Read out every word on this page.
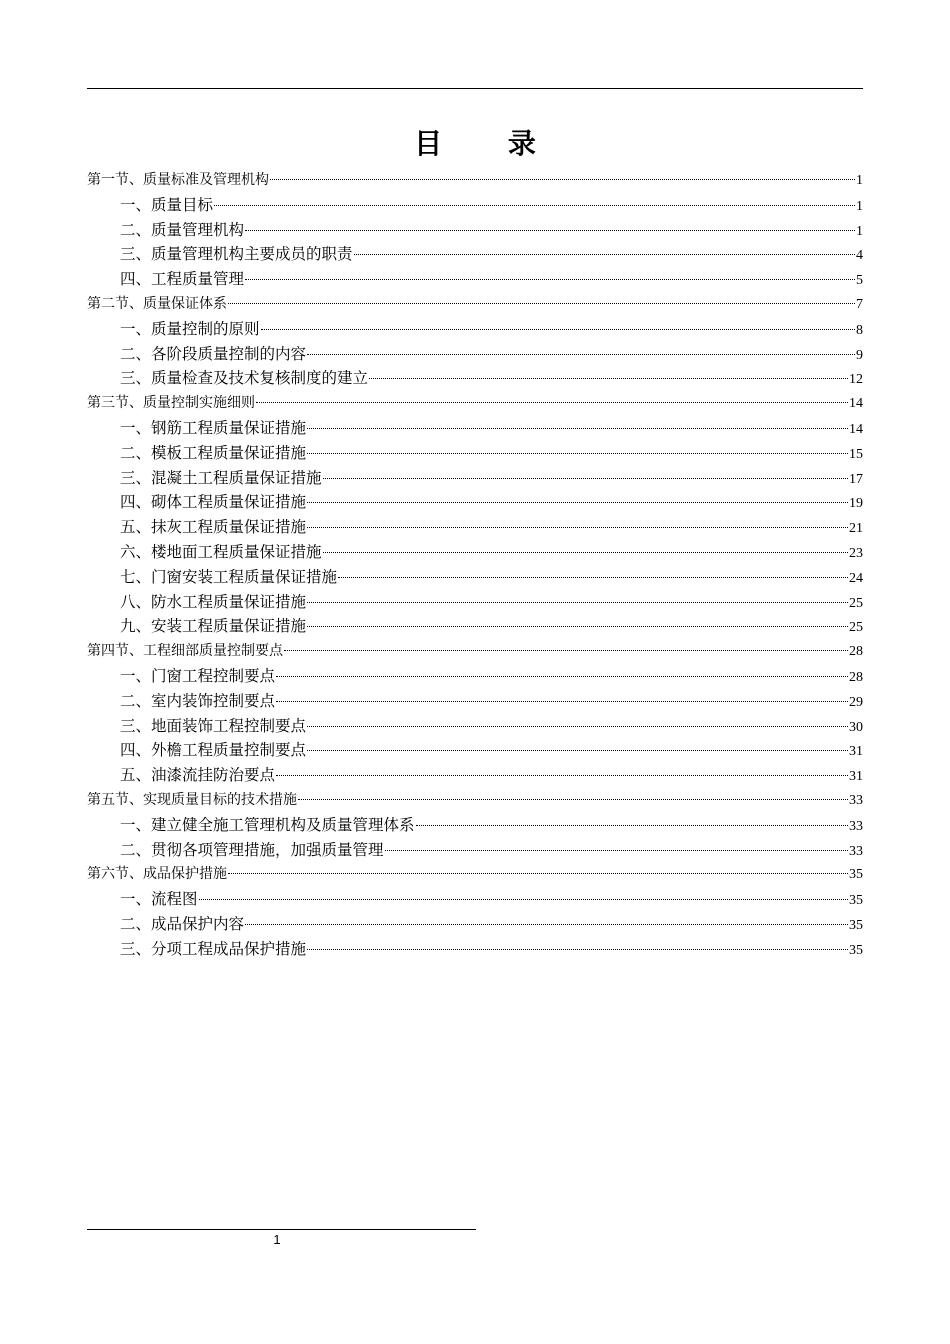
目 录
第一节、质量标准及管理机构	1
一、质量目标	1
二、质量管理机构	1
三、质量管理机构主要成员的职责	4
四、工程质量管理	5
第二节、质量保证体系	7
一、质量控制的原则	8
二、各阶段质量控制的内容	9
三、质量检查及技术复核制度的建立	12
第三节、质量控制实施细则	14
一、钢筋工程质量保证措施	14
二、模板工程质量保证措施	15
三、混凝土工程质量保证措施	17
四、砌体工程质量保证措施	19
五、抹灰工程质量保证措施	21
六、楼地面工程质量保证措施	23
七、门窗安装工程质量保证措施	24
八、防水工程质量保证措施	25
九、安装工程质量保证措施	25
第四节、工程细部质量控制要点	28
一、门窗工程控制要点	28
二、室内装饰控制要点	29
三、地面装饰工程控制要点	30
四、外檐工程质量控制要点	31
五、油漆流挂防治要点	31
第五节、实现质量目标的技术措施	33
一、建立健全施工管理机构及质量管理体系	33
二、贯彻各项管理措施，加强质量管理	33
第六节、成品保护措施	35
一、流程图	35
二、成品保护内容	35
三、分项工程成品保护措施	35
1
